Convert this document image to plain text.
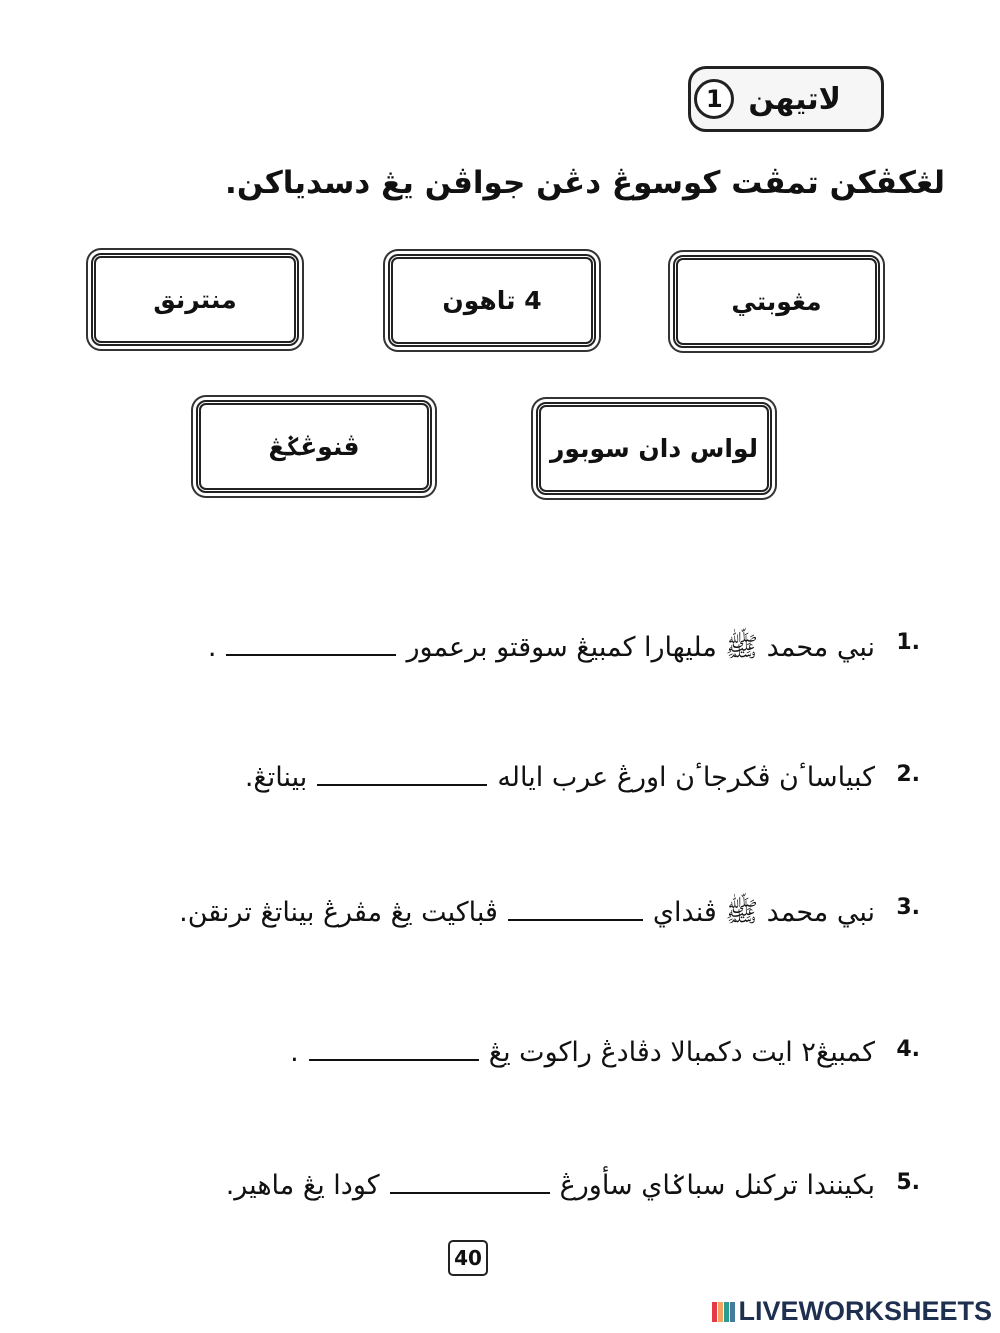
لاتيهن
1
لڠكڤكن تمڤت كوسوڠ دڠن جواڤن يڠ دسدياكن.
مڠوبتي
4 تاهون
منترنق
لواس دان سوبور
ڤنوڠݢڠ
1.
نبي محمد ﷺ مليهارا كمبيڠ سوقتو برعمور
.
2.
كبياساٴن ڤكرجاٴن اورڠ عرب اياله
بيناتڠ.
3.
نبي محمد ﷺ ڤنداي
ڤباكيت يڠ مڤرڠ بيناتڠ ترنقن.
4.
كمبيڠ٢ ايت دكمبالا دڤادڠ راكوت يڠ
.
5.
بكينندا تركنل سباݢاي سأورڠ
كودا يڠ ماهير.
40
LIVEWORKSHEETS
